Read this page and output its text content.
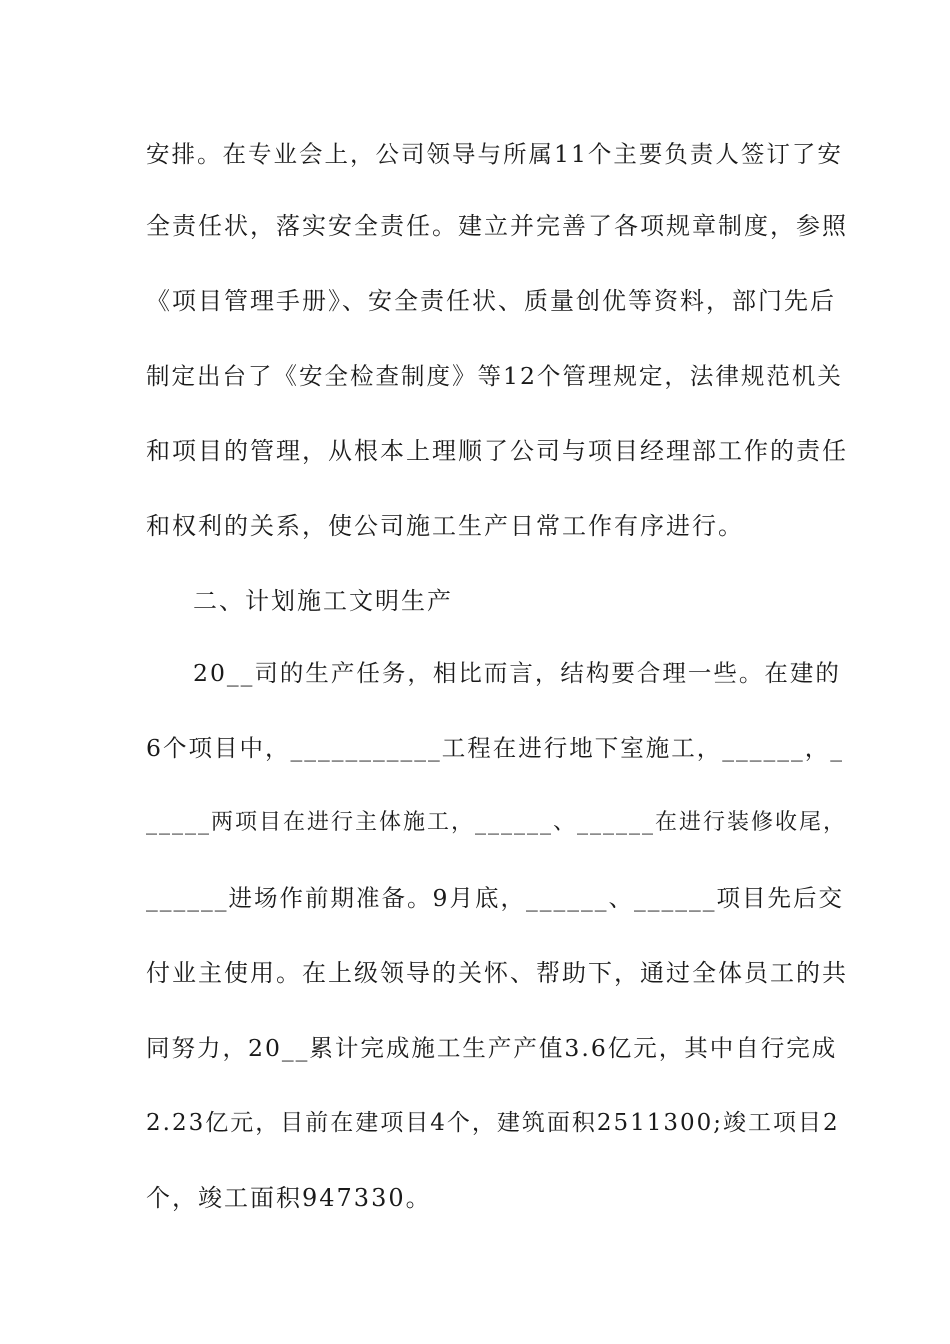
安排。在专业会上，公司领导与所属11个主要负责人签订了安
全责任状，落实安全责任。建立并完善了各项规章制度，参照
《项目管理手册》、安全责任状、质量创优等资料，部门先后
制定出台了《安全检查制度》等12个管理规定，法律规范机关
和项目的管理，从根本上理顺了公司与项目经理部工作的责任
和权利的关系，使公司施工生产日常工作有序进行。
二、计划施工文明生产
20__司的生产任务，相比而言，结构要合理一些。在建的
6个项目中，___________工程在进行地下室施工，______，_
_____两项目在进行主体施工，______、______在进行装修收尾，
______进场作前期准备。9月底，______、______项目先后交
付业主使用。在上级领导的关怀、帮助下，通过全体员工的共
同努力，20__累计完成施工生产产值3.6亿元，其中自行完成
2.23亿元，目前在建项目4个，建筑面积2511300;竣工项目2
个，竣工面积947330。
